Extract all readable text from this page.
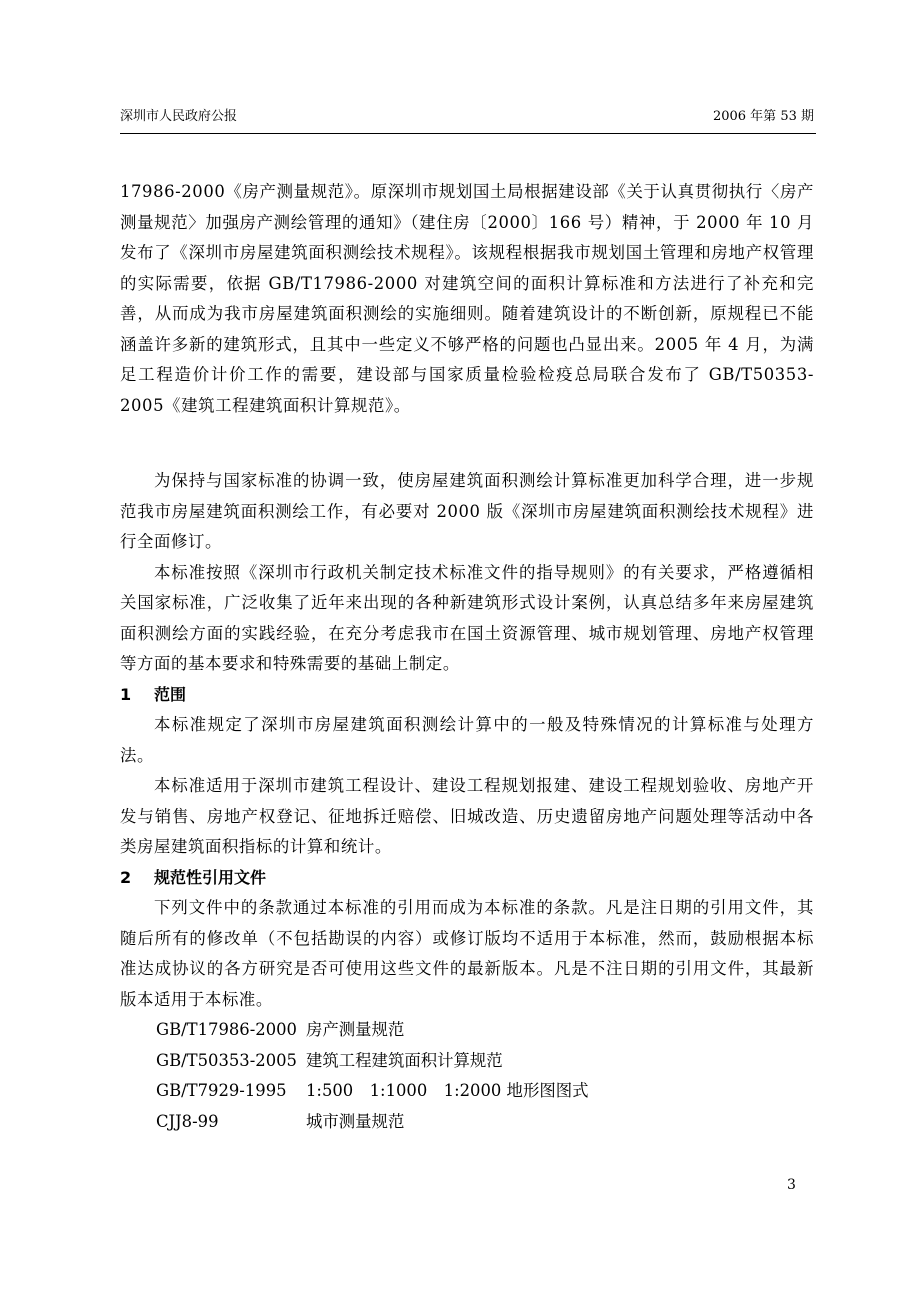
深圳市人民政府公报	2006 年第 53 期

17986-2000《房产测量规范》。原深圳市规划国土局根据建设部《关于认真贯彻执行〈房产测量规范〉加强房产测绘管理的通知》（建住房〔2000〕166 号）精神，于 2000 年 10 月发布了《深圳市房屋建筑面积测绘技术规程》。该规程根据我市规划国土管理和房地产权管理的实际需要，依据 GB/T17986-2000 对建筑空间的面积计算标准和方法进行了补充和完善，从而成为我市房屋建筑面积测绘的实施细则。随着建筑设计的不断创新，原规程已不能涵盖许多新的建筑形式，且其中一些定义不够严格的问题也凸显出来。2005 年 4 月，为满足工程造价计价工作的需要，建设部与国家质量检验检疫总局联合发布了 GB/T50353-2005《建筑工程建筑面积计算规范》。

为保持与国家标准的协调一致，使房屋建筑面积测绘计算标准更加科学合理，进一步规范我市房屋建筑面积测绘工作，有必要对 2000 版《深圳市房屋建筑面积测绘技术规程》进行全面修订。

本标准按照《深圳市行政机关制定技术标准文件的指导规则》的有关要求，严格遵循相关国家标准，广泛收集了近年来出现的各种新建筑形式设计案例，认真总结多年来房屋建筑面积测绘方面的实践经验，在充分考虑我市在国土资源管理、城市规划管理、房地产权管理等方面的基本要求和特殊需要的基础上制定。

1 范围

本标准规定了深圳市房屋建筑面积测绘计算中的一般及特殊情况的计算标准与处理方法。

本标准适用于深圳市建筑工程设计、建设工程规划报建、建设工程规划验收、房地产开发与销售、房地产权登记、征地拆迁赔偿、旧城改造、历史遗留房地产问题处理等活动中各类房屋建筑面积指标的计算和统计。

2 规范性引用文件

下列文件中的条款通过本标准的引用而成为本标准的条款。凡是注日期的引用文件，其随后所有的修改单（不包括勘误的内容）或修订版均不适用于本标准，然而，鼓励根据本标准达成协议的各方研究是否可使用这些文件的最新版本。凡是不注日期的引用文件，其最新版本适用于本标准。

GB/T17986-2000 房产测量规范
GB/T50353-2005 建筑工程建筑面积计算规范
GB/T7929-1995 1:500　1:1000　1:2000 地形图图式
CJJ8-99	城市测量规范
3
